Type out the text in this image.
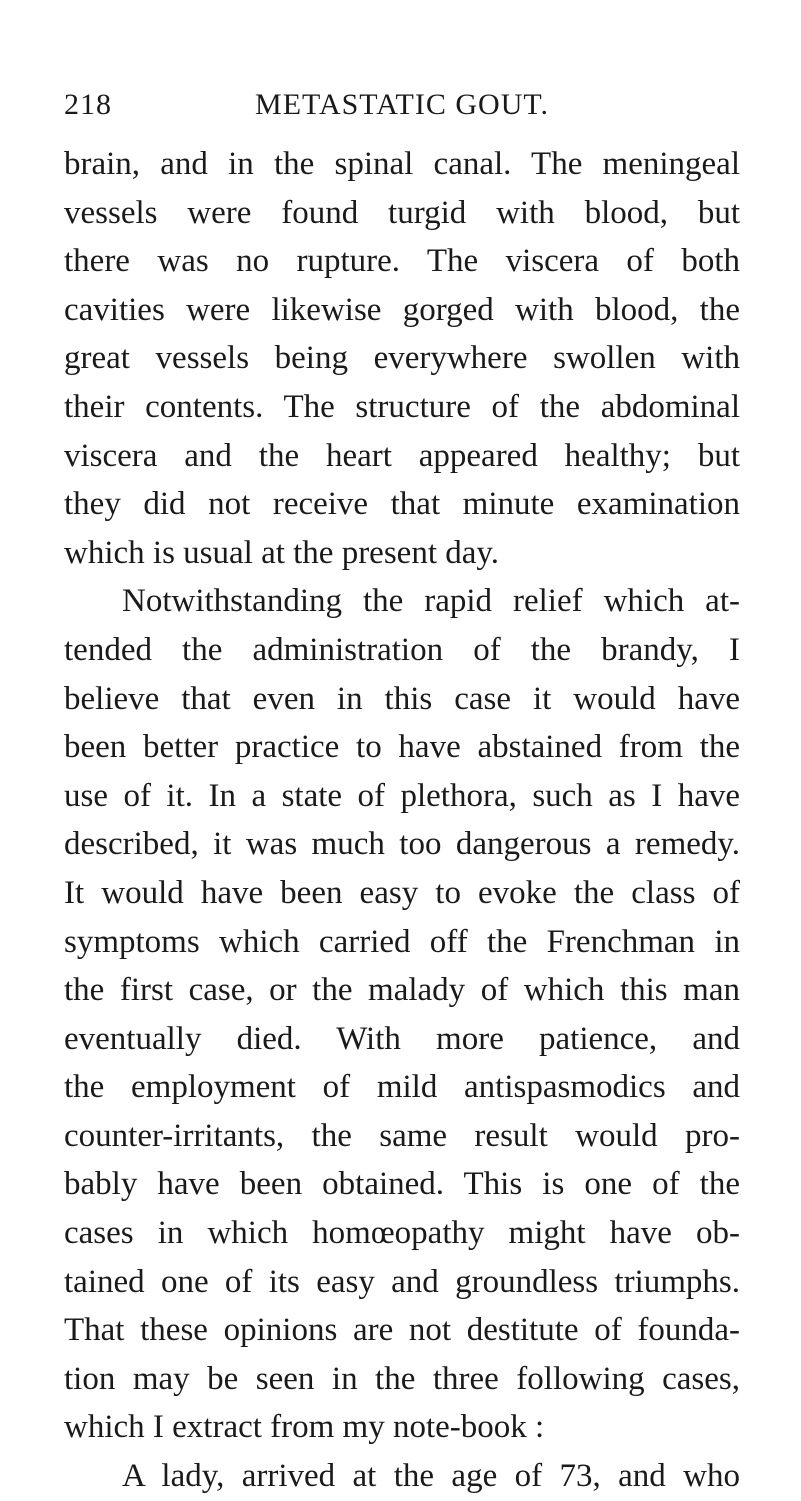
218	METASTATIC GOUT.
brain, and in the spinal canal. The meningeal
vessels were found turgid with blood, but
there was no rupture. The viscera of both
cavities were likewise gorged with blood, the
great vessels being everywhere swollen with
their contents. The structure of the abdominal
viscera and the heart appeared healthy; but
they did not receive that minute examination
which is usual at the present day.
Notwithstanding the rapid relief which at-
tended the administration of the brandy, I
believe that even in this case it would have
been better practice to have abstained from the
use of it. In a state of plethora, such as I have
described, it was much too dangerous a remedy.
It would have been easy to evoke the class of
symptoms which carried off the Frenchman in
the first case, or the malady of which this man
eventually died. With more patience, and
the employment of mild antispasmodics and
counter-irritants, the same result would pro-
bably have been obtained. This is one of the
cases in which homœopathy might have ob-
tained one of its easy and groundless triumphs.
That these opinions are not destitute of founda-
tion may be seen in the three following cases,
which I extract from my note-book :
A lady, arrived at the age of 73, and who
